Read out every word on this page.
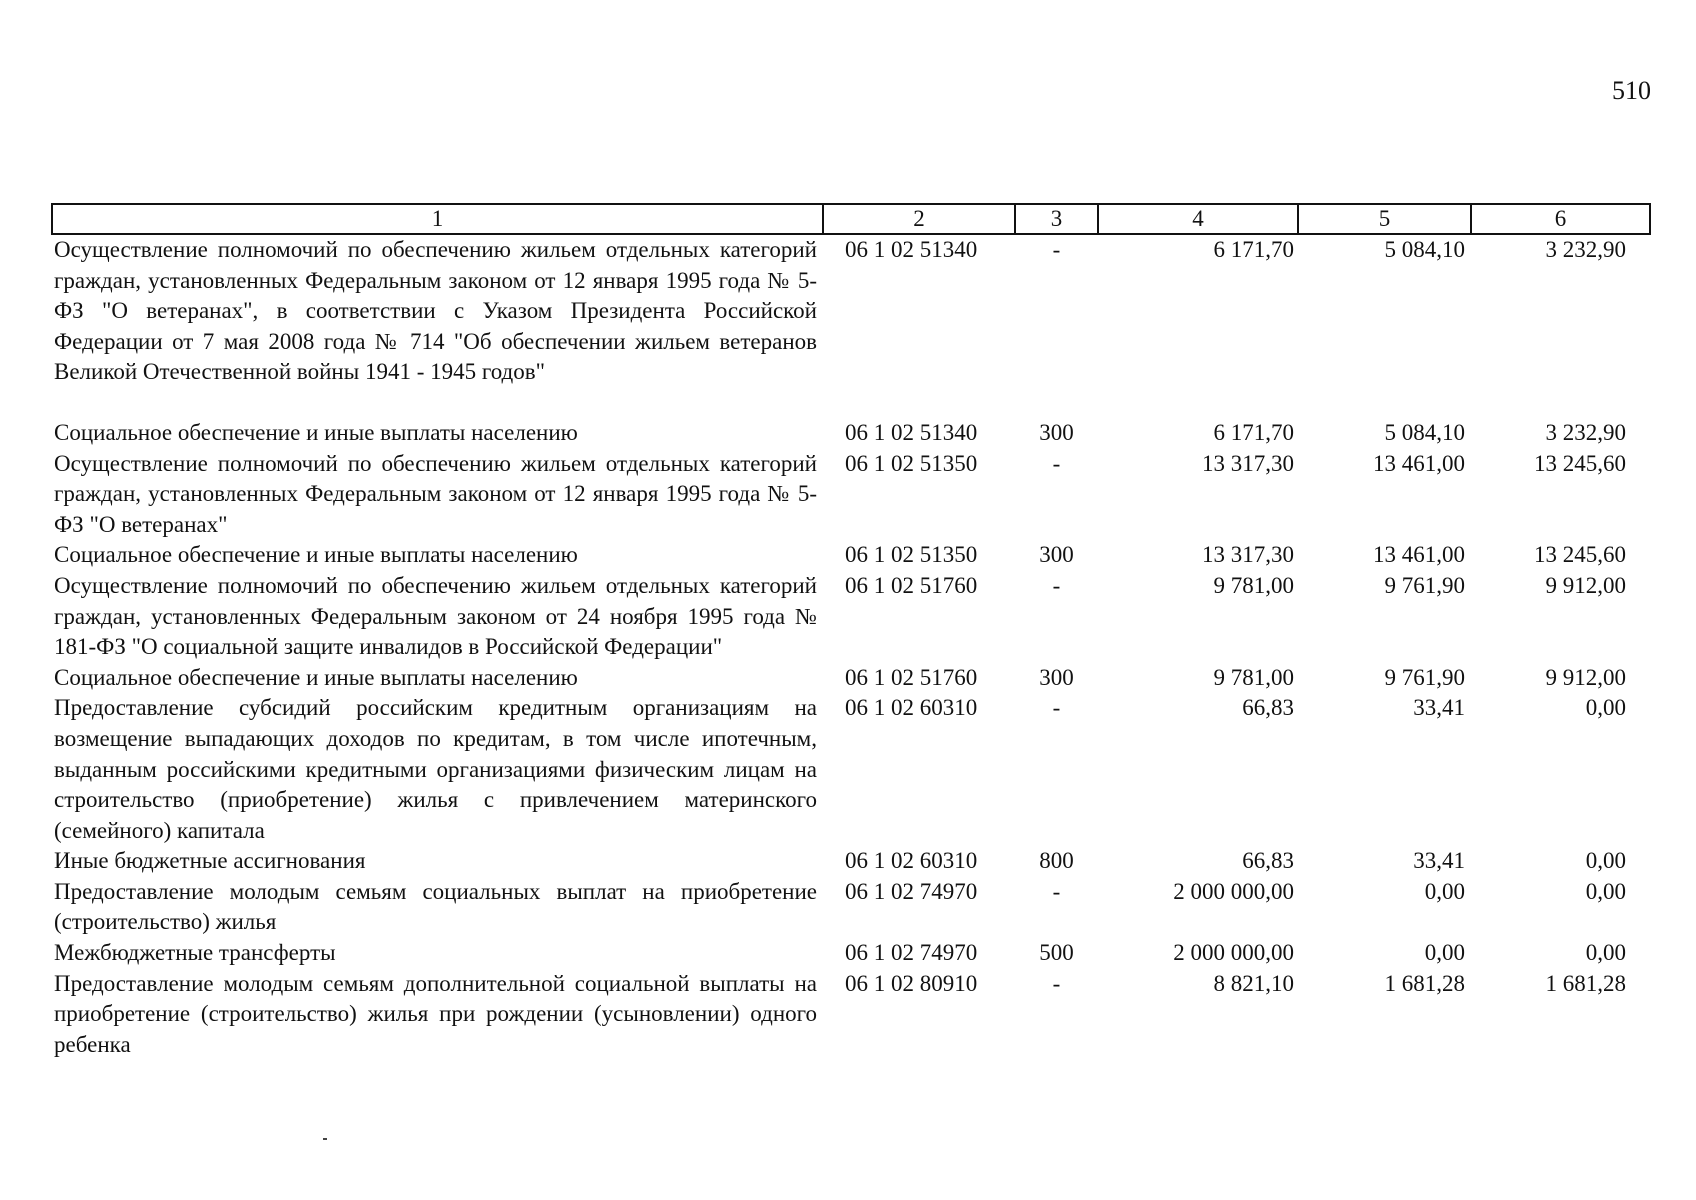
510
1	2	3	4	5	6
Осуществление полномочий по обеспечению жильем отдельных категорий граждан, установленных Федеральным законом от 12 января 1995 года № 5-ФЗ "О ветеранах", в соответствии с Указом Президента Российской Федерации от 7 мая 2008 года № 714 "Об обеспечении жильем ветеранов Великой Отечественной войны 1941 - 1945 годов"	06 1 02 51340	-	6 171,70	5 084,10	3 232,90
Социальное обеспечение и иные выплаты населению	06 1 02 51340	300	6 171,70	5 084,10	3 232,90
Осуществление полномочий по обеспечению жильем отдельных категорий граждан, установленных Федеральным законом от 12 января 1995 года № 5-ФЗ "О ветеранах"	06 1 02 51350	-	13 317,30	13 461,00	13 245,60
Социальное обеспечение и иные выплаты населению	06 1 02 51350	300	13 317,30	13 461,00	13 245,60
Осуществление полномочий по обеспечению жильем отдельных категорий граждан, установленных Федеральным законом от 24 ноября 1995 года № 181-ФЗ "О социальной защите инвалидов в Российской Федерации"	06 1 02 51760	-	9 781,00	9 761,90	9 912,00
Социальное обеспечение и иные выплаты населению	06 1 02 51760	300	9 781,00	9 761,90	9 912,00
Предоставление субсидий российским кредитным организациям на возмещение выпадающих доходов по кредитам, в том числе ипотечным, выданным российскими кредитными организациями физическим лицам на строительство (приобретение) жилья с привлечением материнского (семейного) капитала	06 1 02 60310	-	66,83	33,41	0,00
Иные бюджетные ассигнования	06 1 02 60310	800	66,83	33,41	0,00
Предоставление молодым семьям социальных выплат на приобретение (строительство) жилья	06 1 02 74970	-	2 000 000,00	0,00	0,00
Межбюджетные трансферты	06 1 02 74970	500	2 000 000,00	0,00	0,00
Предоставление молодым семьям дополнительной социальной выплаты на приобретение (строительство) жилья при рождении (усыновлении) одного ребенка	06 1 02 80910	-	8 821,10	1 681,28	1 681,28
